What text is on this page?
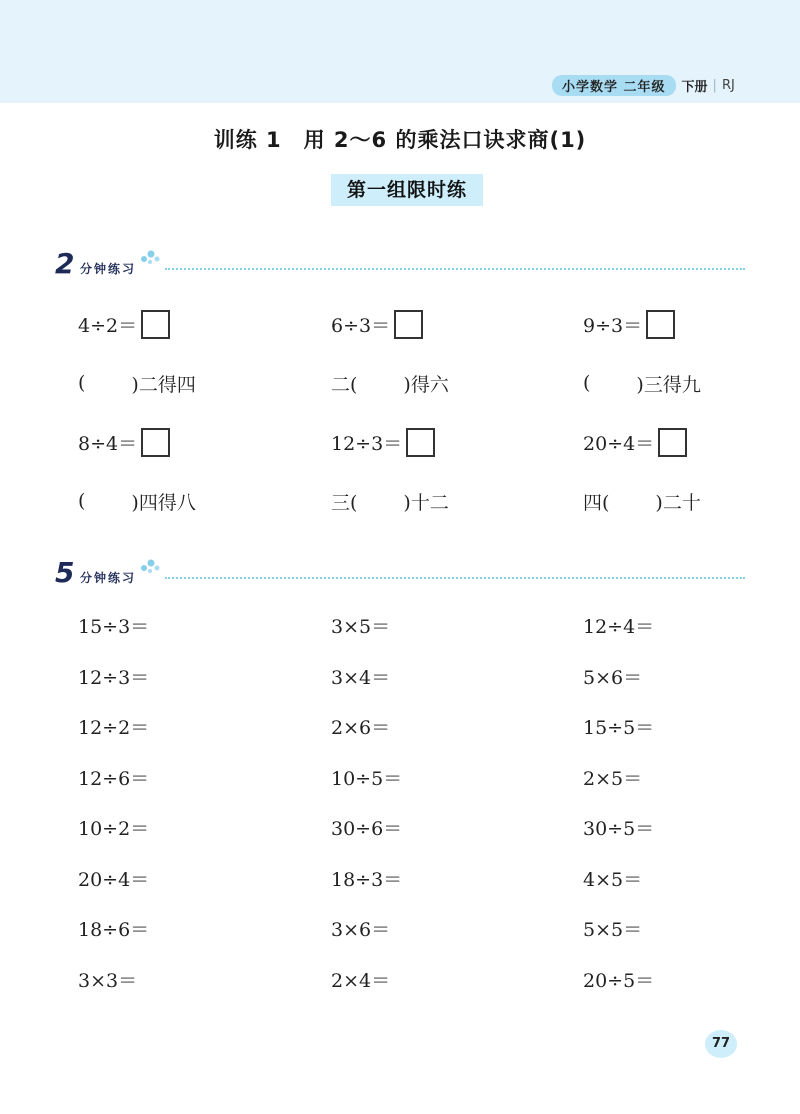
小学数学 二年级	下册 | RJ
训练 1　用 2～6 的乘法口诀求商(1)
第一组限时练
2 分钟练习
4÷2＝	6÷3＝	9÷3＝
( )二得四	二( )得六	( )三得九
8÷4＝	12÷3＝	20÷4＝
( )四得八	三( )十二	四( )二十
5 分钟练习
15÷3＝	3×5＝	12÷4＝
12÷3＝	3×4＝	5×6＝
12÷2＝	2×6＝	15÷5＝
12÷6＝	10÷5＝	2×5＝
10÷2＝	30÷6＝	30÷5＝
20÷4＝	18÷3＝	4×5＝
18÷6＝	3×6＝	5×5＝
3×3＝	2×4＝	20÷5＝
77
